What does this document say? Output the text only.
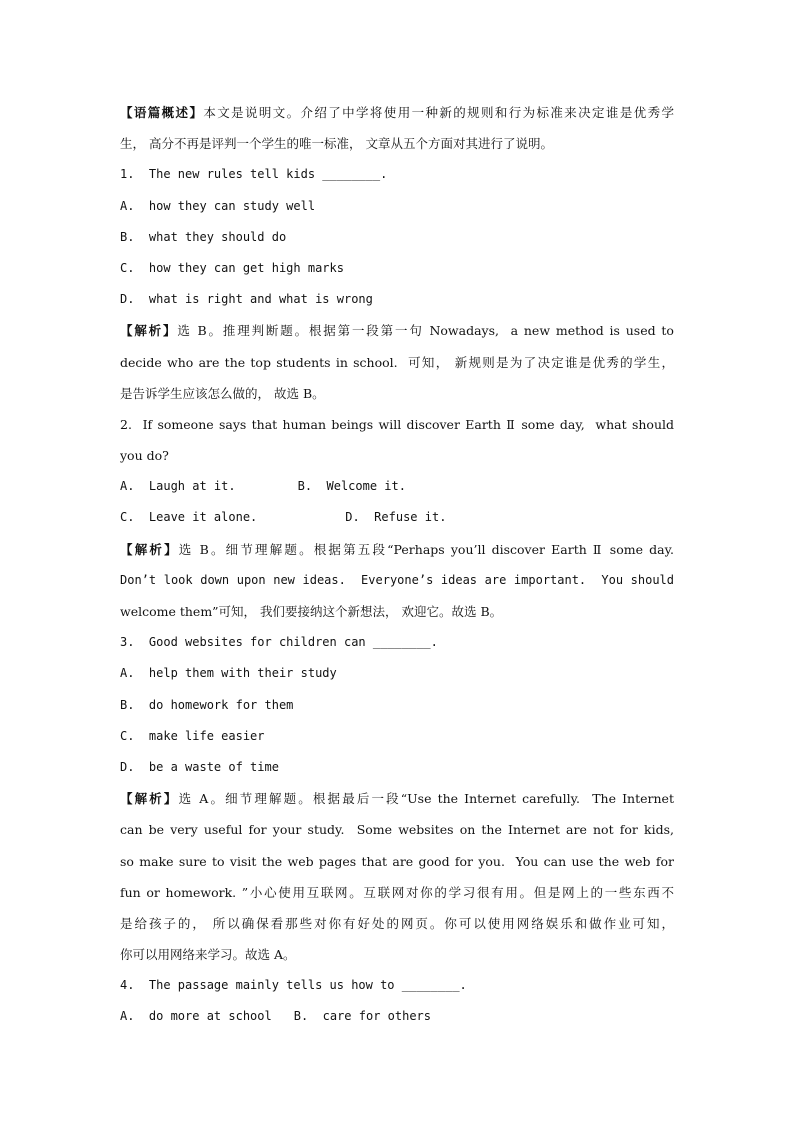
【 语篇概述 】 本文是说明文。介绍了中学将使用一种新的规则和行为标准来决定谁是优秀学
生， 高分不再是评判一个学生的唯一标准， 文章从五个方面对其进行了说明。
1.  The new rules tell kids ________.
A.  how they can study well
B.  what they should do
C.  how they can get high marks
D.  what is right and what is wrong
【 解析 】 选 B。推理判断题。根据第一段第一句 Nowadays,  a new method is used to
decide who are the top students in school.  可知， 新规则是为了决定谁是优秀的学生，
是告诉学生应该怎么做的， 故选 B。
2.  If someone says that human beings will discover Earth Ⅱ some day,  what should
you do?
A.  Laugh at it.	B.  Welcome it.
C.  Leave it alone.	D.  Refuse it.
【 解析 】 选 B。细节理解题。根据第五段“Perhaps you’ll discover Earth Ⅱ some day.
Don’t look down upon new ideas.  Everyone’s ideas are important.  You should
welcome them”可知， 我们要接纳这个新想法， 欢迎它。故选 B。
3.  Good websites for children can ________.
A.  help them with their study
B.  do homework for them
C.  make life easier
D.  be a waste of time
【 解析 】 选 A。细节理解题。根据最后一段“Use the Internet carefully.  The Internet
can be very useful for your study.  Some websites on the Internet are not for kids,
so make sure to visit the web pages that are good for you.  You can use the web for
fun or homework. ”小心使用互联网。互联网对你的学习很有用。但是网上的一些东西不
是给孩子的， 所以确保看那些对你有好处的网页。你可以使用网络娱乐和做作业可知，
你可以用网络来学习。故选 A。
4.  The passage mainly tells us how to ________.
A.  do more at school B.  care for others
